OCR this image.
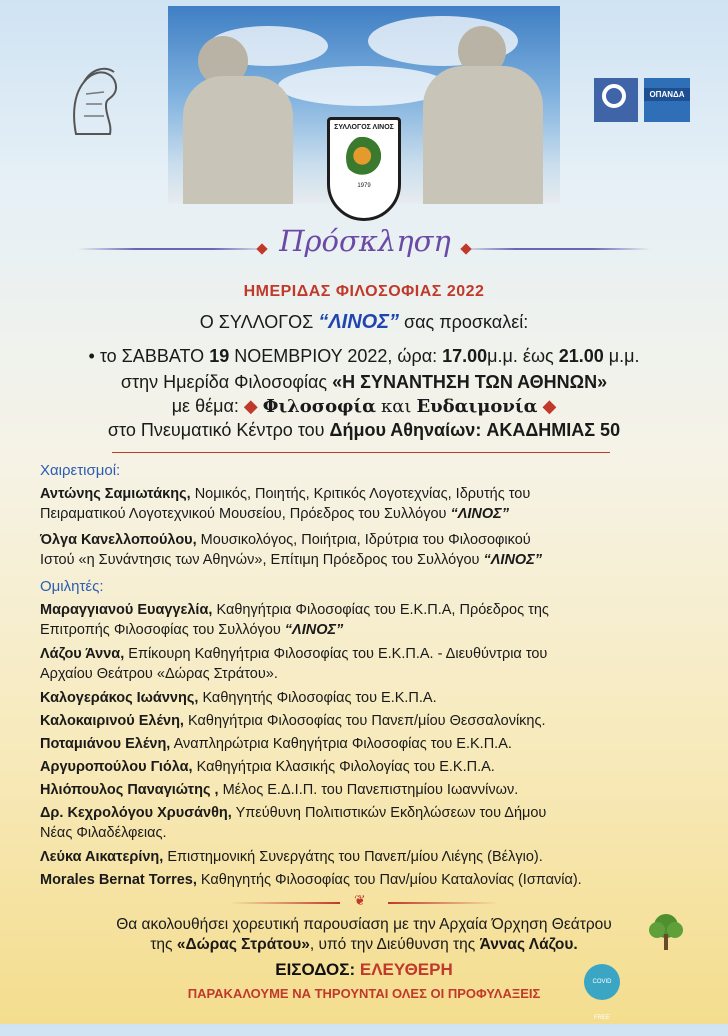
ΣΥΛΛΟΓΟΣ ΛΙΝΟΣ
1979
ΟΠΑΝΔΑ
Πρόσκληση
ΗΜΕΡΙΔΑΣ ΦΙΛΟΣΟΦΙΑΣ 2022
Ο ΣΥΛΛΟΓΟΣ “ΛΙΝΟΣ” σας προσκαλεί:
• το ΣΑΒΒΑΤΟ 19 ΝΟΕΜΒΡΙΟΥ 2022, ώρα: 17.00μ.μ. έως 21.00 μ.μ.
στην Ημερίδα Φιλοσοφίας «Η ΣΥΝΑΝΤΗΣΗ ΤΩΝ ΑΘΗΝΩΝ»
με θέμα: ◆ Φιλοσοφία και Ευδαιμονία ◆
στο Πνευματικό Κέντρο του Δήμου Αθηναίων: ΑΚΑΔΗΜΙΑΣ 50
Χαιρετισμοί:
Αντώνης Σαμιωτάκης, Νομικός, Ποιητής, Κριτικός Λογοτεχνίας, Ιδρυτής του
Πειραματικού Λογοτεχνικού Μουσείου, Πρόεδρος του Συλλόγου “ΛΙΝΟΣ”
Όλγα Κανελλοπούλου, Μουσικολόγος, Ποιήτρια, Ιδρύτρια του Φιλοσοφικού
Ιστού «η Συνάντησις των Αθηνών», Επίτιμη Πρόεδρος του Συλλόγου “ΛΙΝΟΣ”
Ομιλητές:
Μαραγγιανού Ευαγγελία, Καθηγήτρια Φιλοσοφίας του Ε.Κ.Π.Α, Πρόεδρος της
Επιτροπής Φιλοσοφίας του Συλλόγου “ΛΙΝΟΣ”
Λάζου Άννα, Επίκουρη Καθηγήτρια Φιλοσοφίας του Ε.Κ.Π.Α. - Διευθύντρια του
Αρχαίου Θεάτρου «Δώρας Στράτου».
Καλογεράκος Ιωάννης, Καθηγητής Φιλοσοφίας του Ε.Κ.Π.Α.
Καλοκαιρινού Ελένη, Καθηγήτρια Φιλοσοφίας του Πανεπ/μίου Θεσσαλονίκης.
Ποταμιάνου Ελένη, Αναπληρώτρια Καθηγήτρια Φιλοσοφίας του Ε.Κ.Π.Α.
Αργυροπούλου Γιόλα, Καθηγήτρια Κλασικής Φιλολογίας του Ε.Κ.Π.Α.
Ηλιόπουλος Παναγιώτης , Μέλος Ε.Δ.Ι.Π. του Πανεπιστημίου Ιωαννίνων.
Δρ. Κεχρολόγου Χρυσάνθη, Υπεύθυνη Πολιτιστικών Εκδηλώσεων του Δήμου
Νέας Φιλαδέλφειας.
Λεύκα Αικατερίνη, Επιστημονική Συνεργάτης του Πανεπ/μίου Λιέγης (Βέλγιο).
Morales Bernat Torres, Καθηγητής Φιλοσοφίας του Παν/μίου Καταλονίας (Ισπανία).
❦
Θα ακολουθήσει χορευτική παρουσίαση με την Αρχαία Όρχηση Θεάτρου
της «Δώρας Στράτου», υπό την Διεύθυνση της Άννας Λάζου.
ΕΙΣΟΔΟΣ: ΕΛΕΥΘΕΡΗ
ΠΑΡΑΚΑΛΟΥΜΕ ΝΑ ΤΗΡΟΥΝΤΑΙ ΟΛΕΣ ΟΙ ΠΡΟΦΥΛΑΞΕΙΣ
COVID FREE
